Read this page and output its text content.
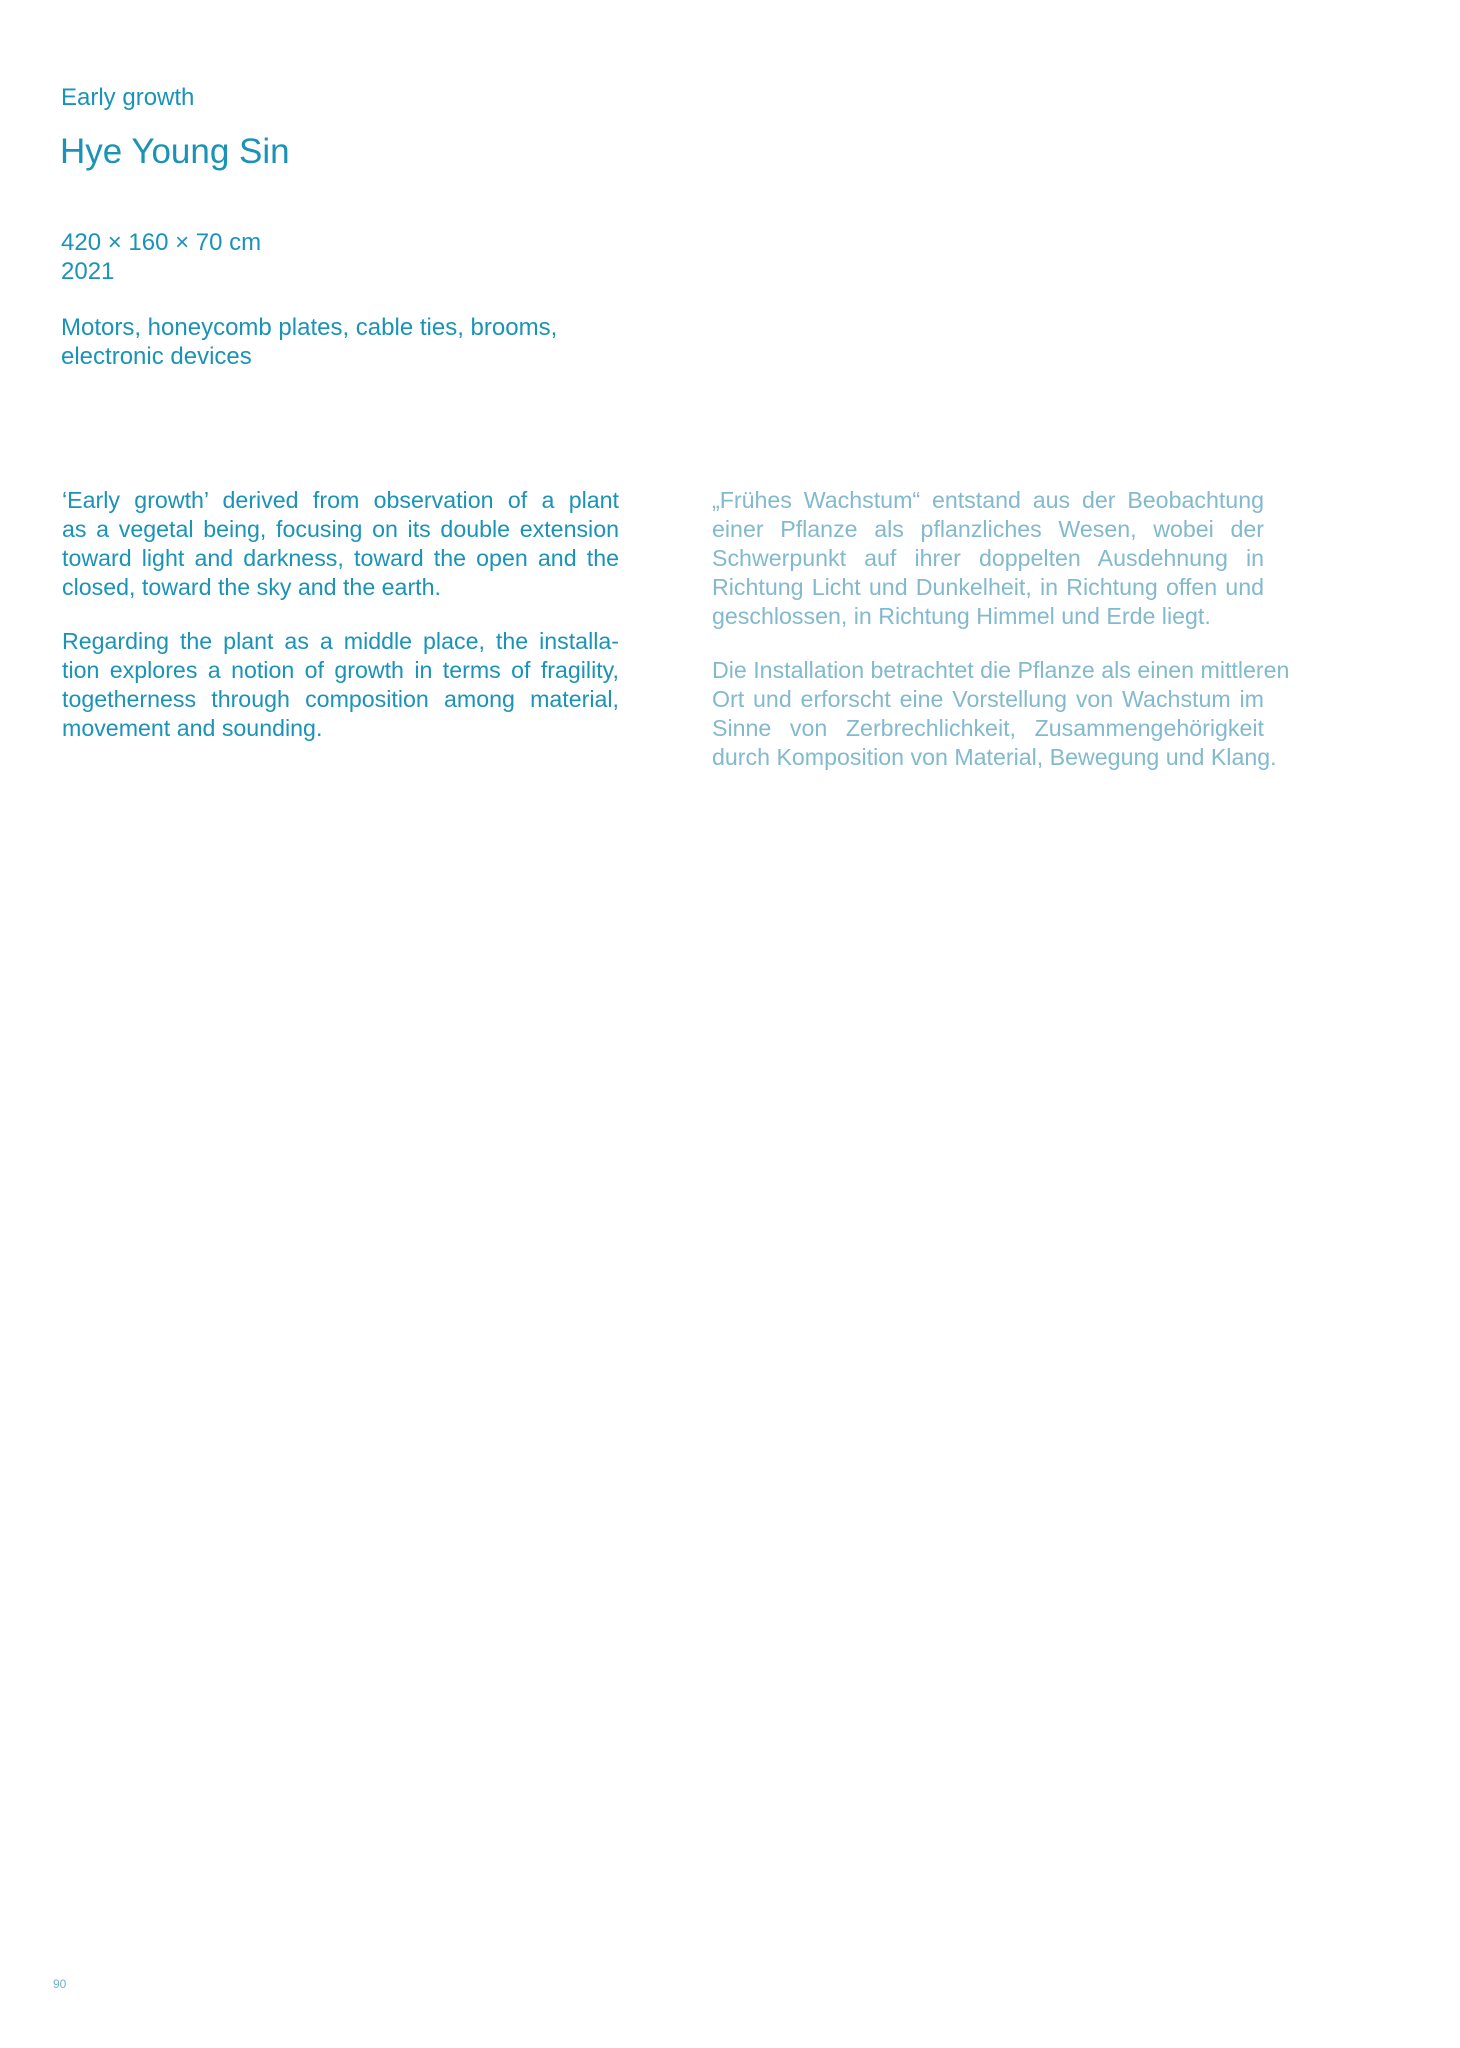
Early growth
Hye Young Sin
420 × 160 × 70 cm
2021
Motors, honeycomb plates, cable ties, brooms,
electronic devices
‘Early growth’ derived from observation of a plant
as a vegetal being, focusing on its double extension
toward light and darkness, toward the open and the
closed, toward the sky and the earth.
Regarding the plant as a middle place, the installa-
tion explores a notion of growth in terms of fragility,
togetherness through composition among material,
movement and sounding.
„Frühes Wachstum“ entstand aus der Beobachtung
einer Pflanze als pflanzliches Wesen, wobei der
Schwerpunkt auf ihrer doppelten Ausdehnung in
Richtung Licht und Dunkelheit, in Richtung offen und
geschlossen, in Richtung Himmel und Erde liegt.
Die Installation betrachtet die Pflanze als einen mittleren
Ort und erforscht eine Vorstellung von Wachstum im
Sinne von Zerbrechlichkeit, Zusammengehörigkeit
durch Komposition von Material, Bewegung und Klang.
90
